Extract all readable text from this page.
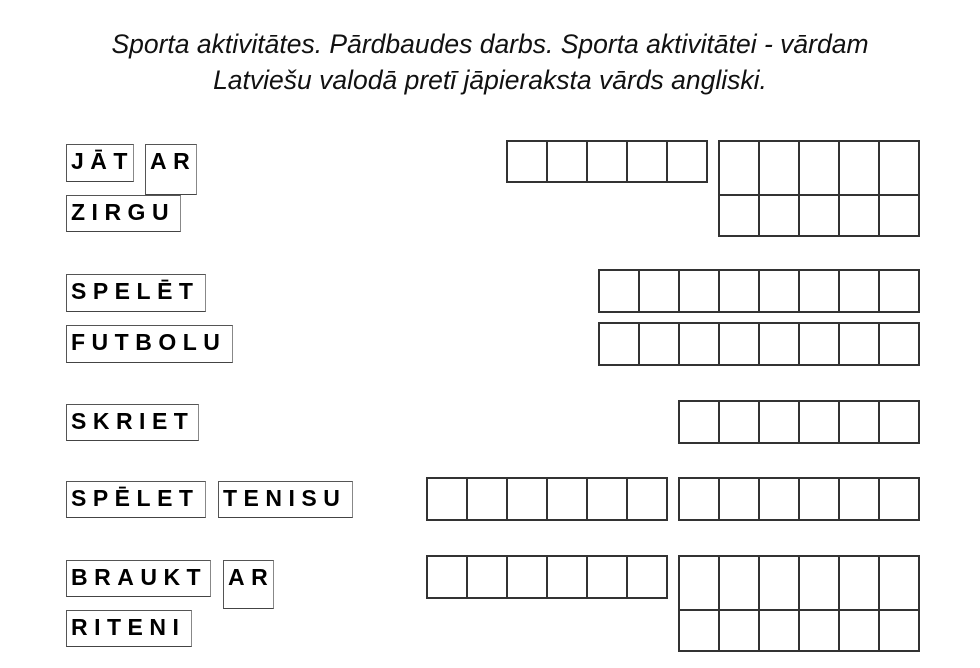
Sporta aktivitātes. Pārdbaudes darbs. Sporta aktivitātei - vārdam
Latviešu valodā pretī jāpieraksta vārds angliski.
JĀT AR
ZIRGU
SPELĒT
FUTBOLU
SKRIET
SPĒLET TENISU
BRAUKT AR
RITENI
